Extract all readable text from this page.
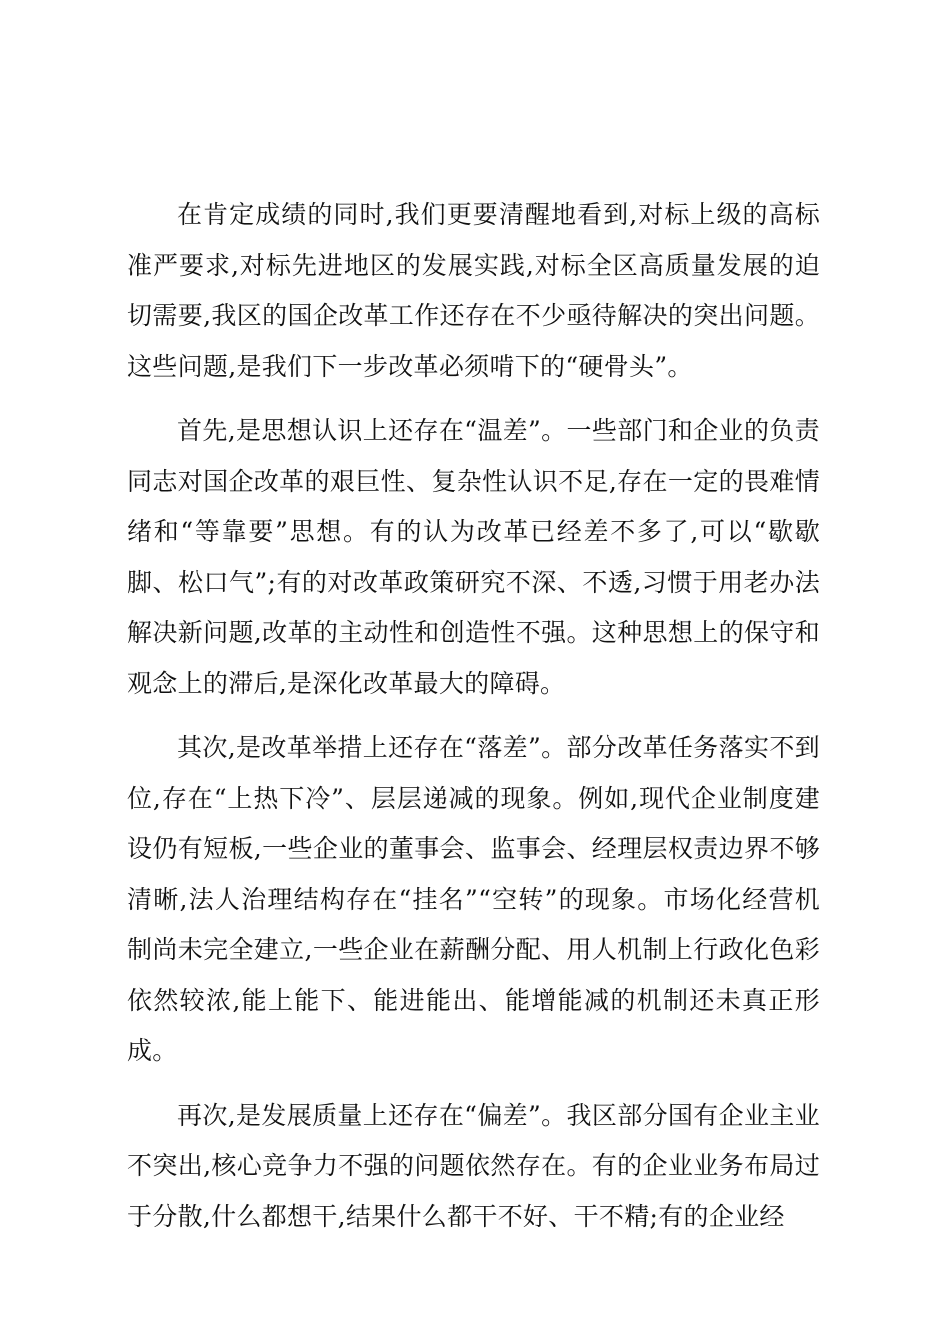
在肯定成绩的同时,我们更要清醒地看到,对标上级的高标准严要求,对标先进地区的发展实践,对标全区高质量发展的迫切需要,我区的国企改革工作还存在不少亟待解决的突出问题。这些问题,是我们下一步改革必须啃下的“硬骨头”。

首先,是思想认识上还存在“温差”。一些部门和企业的负责同志对国企改革的艰巨性、复杂性认识不足,存在一定的畏难情绪和“等靠要”思想。有的认为改革已经差不多了,可以“歇歇脚、松口气”;有的对改革政策研究不深、不透,习惯于用老办法解决新问题,改革的主动性和创造性不强。这种思想上的保守和观念上的滞后,是深化改革最大的障碍。

其次,是改革举措上还存在“落差”。部分改革任务落实不到位,存在“上热下冷”、层层递减的现象。例如,现代企业制度建设仍有短板,一些企业的董事会、监事会、经理层权责边界不够清晰,法人治理结构存在“挂名”“空转”的现象。市场化经营机制尚未完全建立,一些企业在薪酬分配、用人机制上行政化色彩依然较浓,能上能下、能进能出、能增能减的机制还未真正形成。

再次,是发展质量上还存在“偏差”。我区部分国有企业主业不突出,核心竞争力不强的问题依然存在。有的企业业务布局过于分散,什么都想干,结果什么都干不好、干不精;有的企业经
